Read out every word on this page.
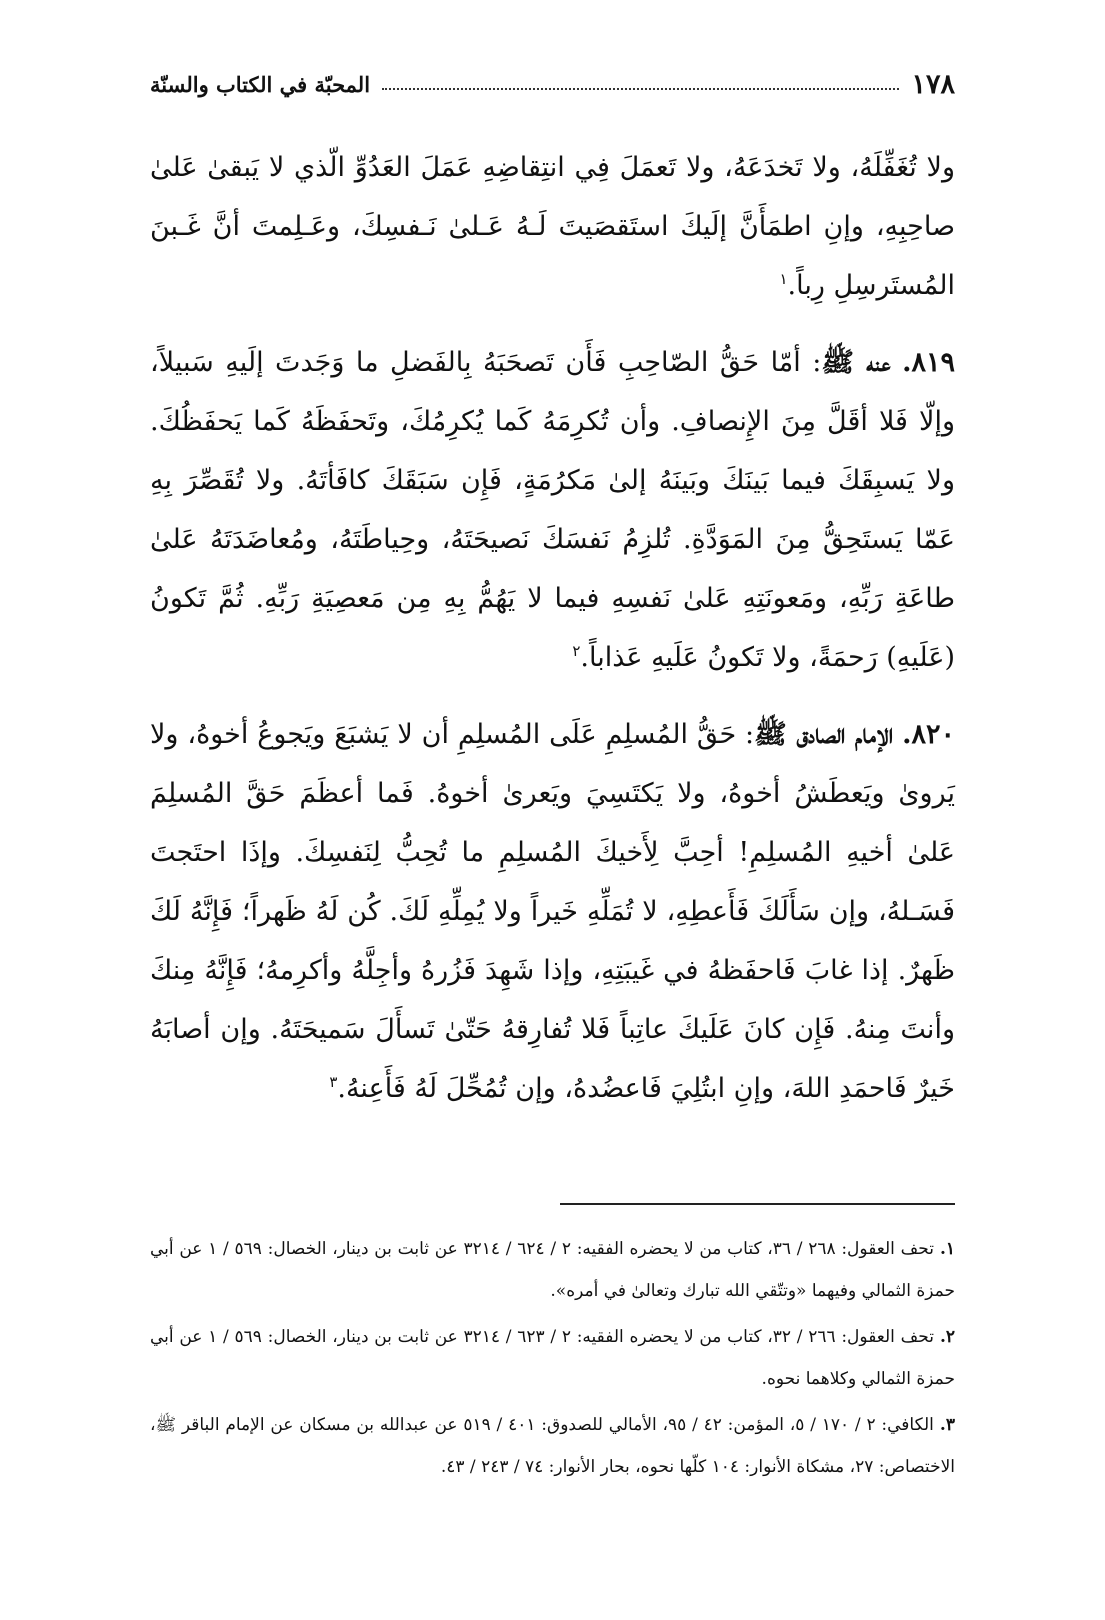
١٧٨
المحبّة في الكتاب والسنّة

ولا تُغَفِّلَهُ، ولا تَخدَعَهُ، ولا تَعمَلَ فِي انتِقاضِهِ عَمَلَ العَدُوِّ الّذي لا يَبقىٰ عَلىٰ صاحِبِهِ، وإنِ اطمَأَنَّ إلَيكَ استَقصَيتَ لَـهُ عَـلىٰ نَـفسِكَ، وعَـلِمتَ أنَّ غَـبنَ المُستَرسِلِ رِباً.$^١$

٨١٩. عنه ﷺ: أمّا حَقُّ الصّاحِبِ فَأَن تَصحَبَهُ بِالفَضلِ ما وَجَدتَ إلَيهِ سَبيلاً، وإلّا فَلا أقَلَّ مِنَ الإِنصافِ. وأن تُكرِمَهُ كَما يُكرِمُكَ، وتَحفَظَهُ كَما يَحفَظُكَ. ولا يَسبِقَكَ فيما بَينَكَ وبَينَهُ إلىٰ مَكرُمَةٍ، فَإِن سَبَقَكَ كافَأتَهُ. ولا تُقَصِّرَ بِهِ عَمّا يَستَحِقُّ مِنَ المَوَدَّةِ. تُلزِمُ نَفسَكَ نَصيحَتَهُ، وحِياطَتَهُ، ومُعاضَدَتَهُ عَلىٰ طاعَةِ رَبِّهِ، ومَعونَتِهِ عَلىٰ نَفسِهِ فيما لا يَهُمُّ بِهِ مِن مَعصِيَةِ رَبِّهِ. ثُمَّ تَكونُ (عَلَيهِ) رَحمَةً، ولا تَكونُ عَلَيهِ عَذاباً.$^٢$

٨٢٠. الإمام الصادق ﷺ: حَقُّ المُسلِمِ عَلَى المُسلِمِ أن لا يَشبَعَ ويَجوعُ أخوهُ، ولا يَروىٰ ويَعطَشُ أخوهُ، ولا يَكتَسِيَ ويَعرىٰ أخوهُ. فَما أعظَمَ حَقَّ المُسلِمَ عَلىٰ أخيهِ المُسلِمِ! أحِبَّ لِأَخيكَ المُسلِمِ ما تُحِبُّ لِنَفسِكَ. وإذَا احتَجتَ فَسَـلهُ، وإن سَأَلَكَ فَأَعطِهِ، لا تُمَلِّهِ خَيراً ولا يُمِلِّهِ لَكَ. كُن لَهُ ظَهراً؛ فَإِنَّهُ لَكَ ظَهرٌ. إذا غابَ فَاحفَظهُ في غَيبَتِهِ، وإذا شَهِدَ فَزُرهُ وأجِلَّهُ وأكرِمهُ؛ فَإِنَّهُ مِنكَ وأنتَ مِنهُ. فَإِن كانَ عَلَيكَ عاتِباً فَلا تُفارِقهُ حَتّىٰ تَسأَلَ سَميحَتَهُ. وإن أصابَهُ خَيرٌ فَاحمَدِ اللهَ، وإنِ ابتُلِيَ فَاعضُدهُ، وإن تُمُحِّلَ لَهُ فَأَعِنهُ.$^٣$

١.تحف العقول: ٢٦٨ / ٣٦، كتاب من لا يحضره الفقيه: ٢ / ٦٢٤ / ٣٢١٤ عن ثابت بن دينار، الخصال: ٥٦٩ / ١ عن أبي حمزة الثمالي وفيهما «وتتّقي الله تبارك وتعالىٰ في أمره».

٢.تحف العقول: ٢٦٦ / ٣٢، كتاب من لا يحضره الفقيه: ٢ / ٦٢٣ / ٣٢١٤ عن ثابت بن دينار، الخصال: ٥٦٩ / ١ عن أبي حمزة الثمالي وكلاهما نحوه.

٣.الكافي: ٢ / ١٧٠ / ٥، المؤمن: ٤٢ / ٩٥، الأمالي للصدوق: ٤٠١ / ٥١٩ عن عبدالله بن مسكان عن الإمام الباقر ﷺ، الاختصاص: ٢٧، مشكاة الأنوار: ١٠٤ كلّها نحوه، بحار الأنوار: ٧٤ / ٢٤٣ / ٤٣.
